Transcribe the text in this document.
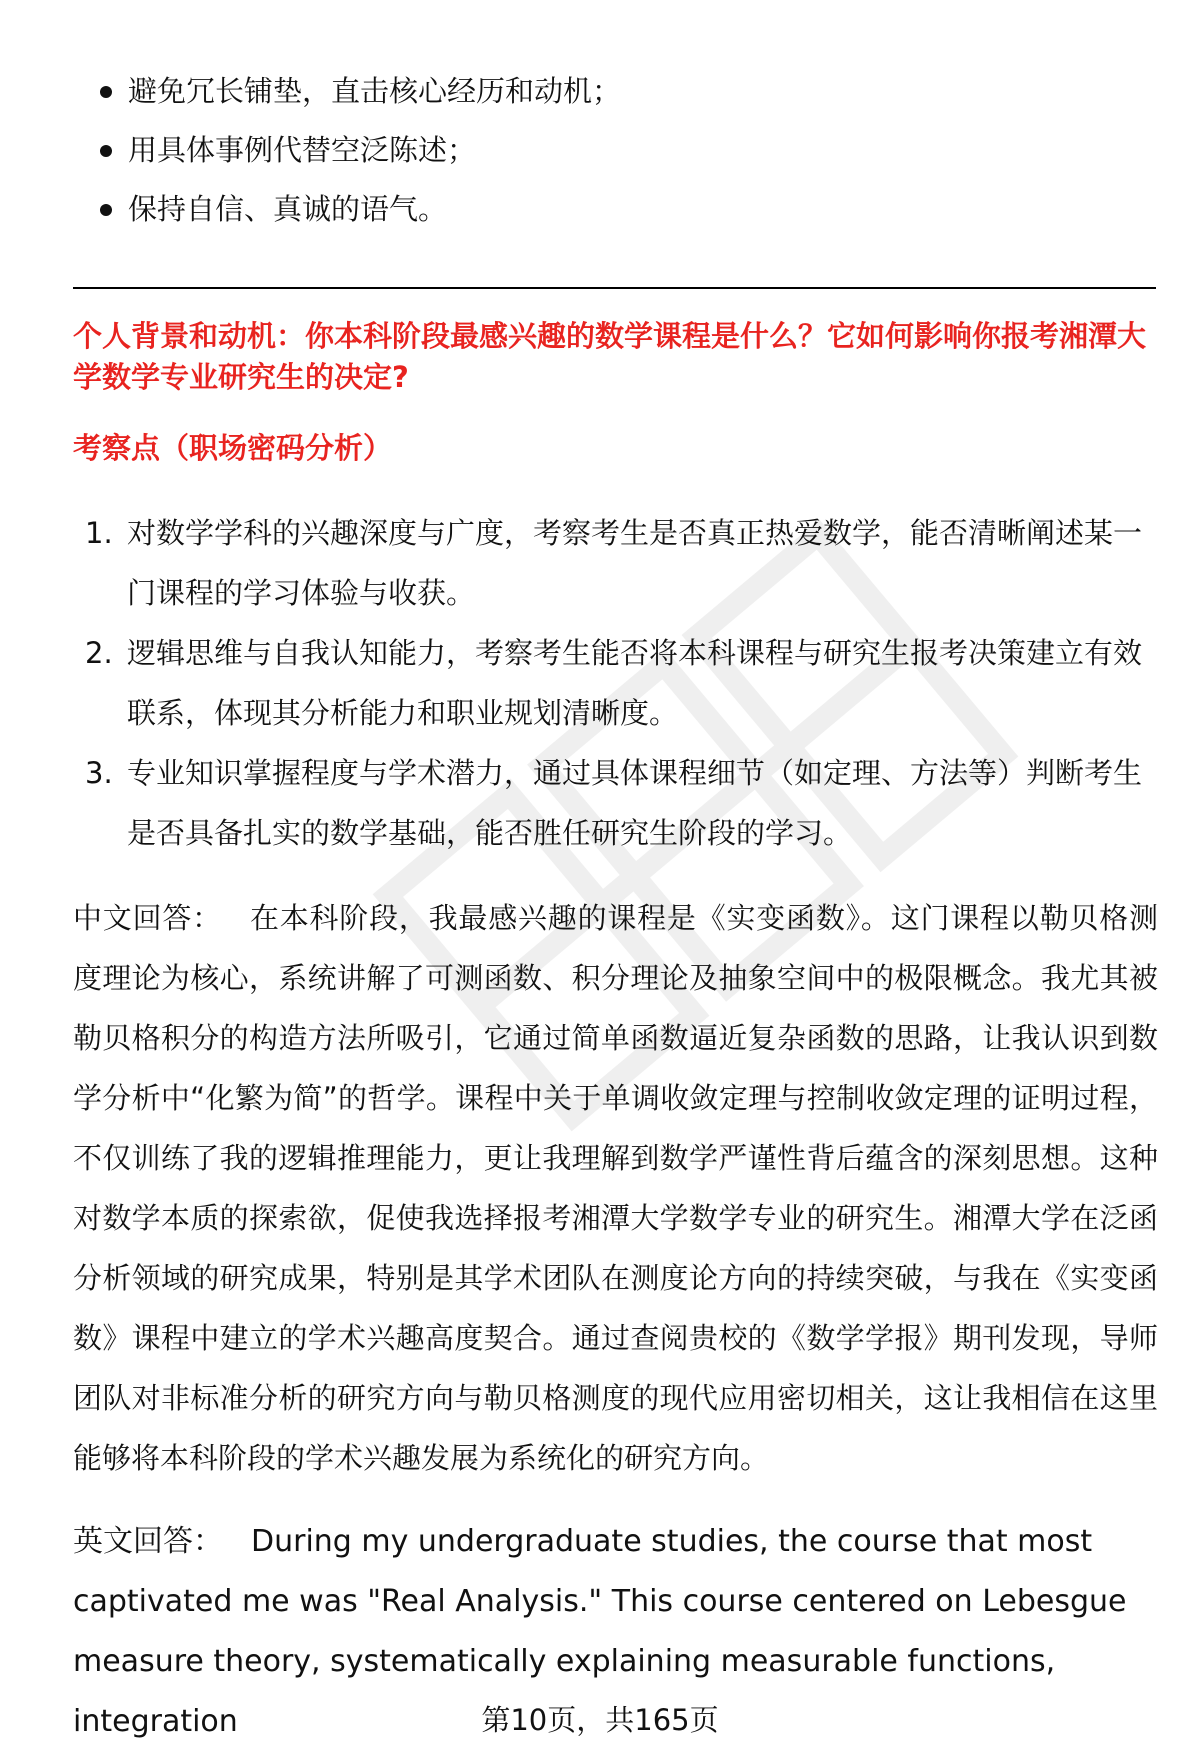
避免冗长铺垫，直击核心经历和动机；
用具体事例代替空泛陈述；
保持自信、真诚的语气。

个人背景和动机：你本科阶段最感兴趣的数学课程是什么？它如何影响你报考湘潭大学数学专业研究生的决定?

考察点（职场密码分析）

1. 对数学学科的兴趣深度与广度，考察考生是否真正热爱数学，能否清晰阐述某一门课程的学习体验与收获。
2. 逻辑思维与自我认知能力，考察考生能否将本科课程与研究生报考决策建立有效联系，体现其分析能力和职业规划清晰度。
3. 专业知识掌握程度与学术潜力，通过具体课程细节（如定理、方法等）判断考生是否具备扎实的数学基础，能否胜任研究生阶段的学习。

中文回答： 在本科阶段，我最感兴趣的课程是《实变函数》。这门课程以勒贝格测度理论为核心，系统讲解了可测函数、积分理论及抽象空间中的极限概念。我尤其被勒贝格积分的构造方法所吸引，它通过简单函数逼近复杂函数的思路，让我认识到数学分析中“化繁为简”的哲学。课程中关于单调收敛定理与控制收敛定理的证明过程，不仅训练了我的逻辑推理能力，更让我理解到数学严谨性背后蕴含的深刻思想。这种对数学本质的探索欲，促使我选择报考湘潭大学数学专业的研究生。湘潭大学在泛函分析领域的研究成果，特别是其学术团队在测度论方向的持续突破，与我在《实变函数》课程中建立的学术兴趣高度契合。通过查阅贵校的《数学学报》期刊发现，导师团队对非标准分析的研究方向与勒贝格测度的现代应用密切相关，这让我相信在这里能够将本科阶段的学术兴趣发展为系统化的研究方向。

英文回答： During my undergraduate studies, the course that most captivated me was "Real Analysis." This course centered on Lebesgue measure theory, systematically explaining measurable functions, integration	第10页，共165页
